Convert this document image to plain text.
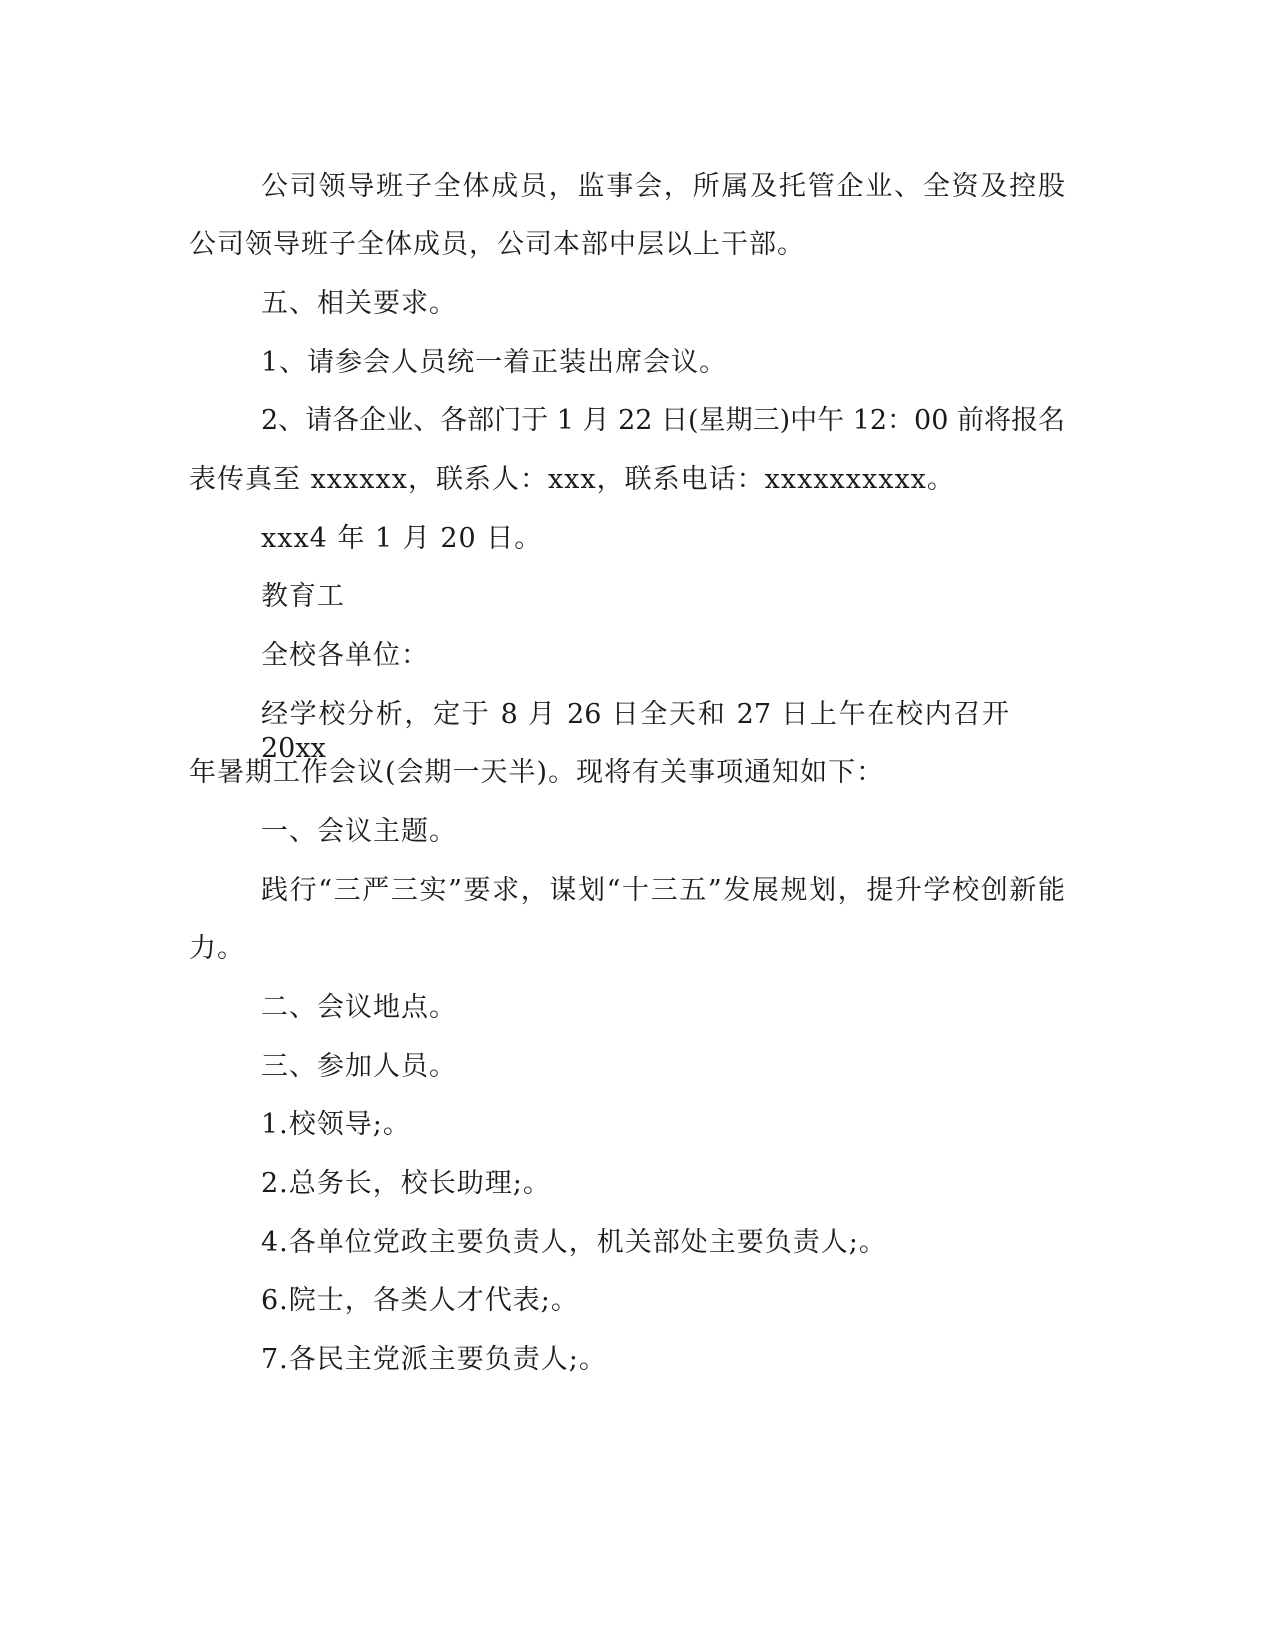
公司领导班子全体成员，监事会，所属及托管企业、全资及控股
公司领导班子全体成员，公司本部中层以上干部。
五、相关要求。
1、请参会人员统一着正装出席会议。
2、请各企业、各部门于 1 月 22 日(星期三)中午 12：00 前将报名
表传真至 xxxxxx，联系人：xxx，联系电话：xxxxxxxxxx。
xxx4 年 1 月 20 日。
教育工
全校各单位：
经学校分析，定于 8 月 26 日全天和 27 日上午在校内召开 20xx
年暑期工作会议(会期一天半)。现将有关事项通知如下：
一、会议主题。
践行“三严三实”要求，谋划“十三五”发展规划，提升学校创新能
力。
二、会议地点。
三、参加人员。
1.校领导;。
2.总务长，校长助理;。
4.各单位党政主要负责人，机关部处主要负责人;。
6.院士，各类人才代表;。
7.各民主党派主要负责人;。
